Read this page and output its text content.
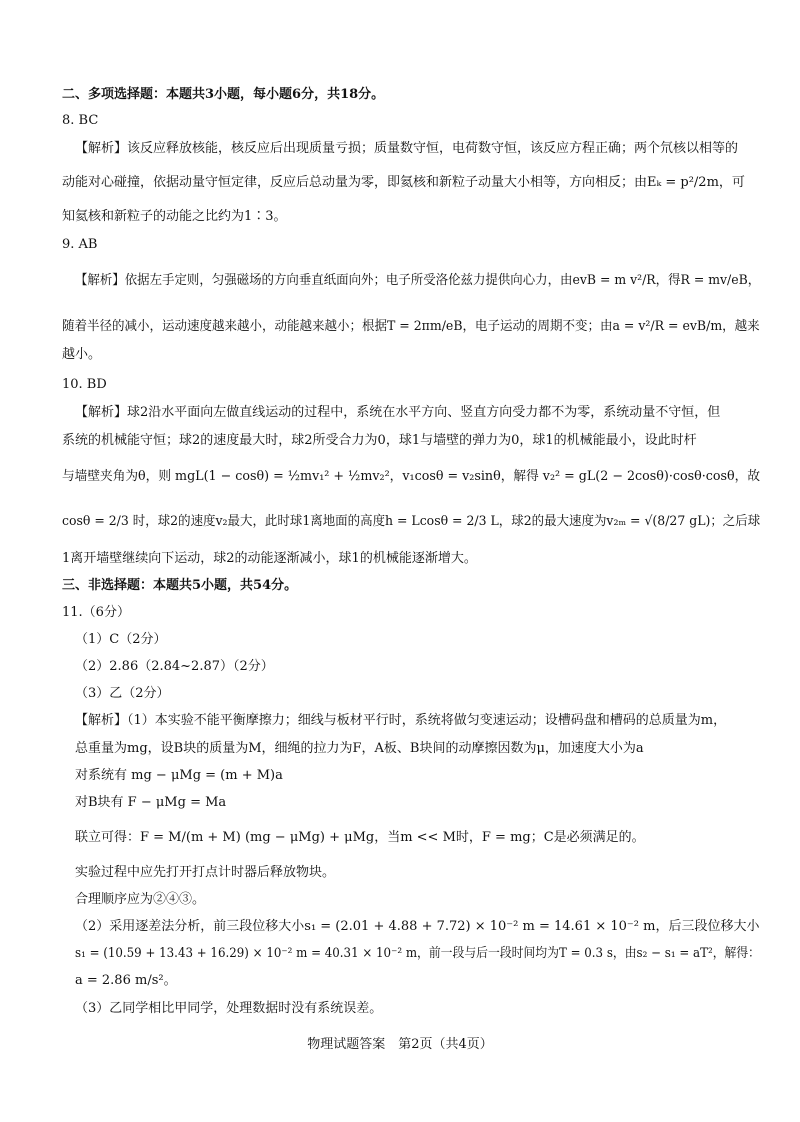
二、多项选择题：本题共3小题，每小题6分，共18分。
8. BC
【解析】该反应释放核能，核反应后出现质量亏损；质量数守恒，电荷数守恒，该反应方程正确；两个氘核以相等的
动能对心碰撞，依据动量守恒定律，反应后总动量为零，即氦核和新粒子动量大小相等，方向相反；由Eₖ = p²/2m，可
知氦核和新粒子的动能之比约为1∶3。
9. AB
【解析】依据左手定则，匀强磁场的方向垂直纸面向外；电子所受洛伦兹力提供向心力，由evB = m v²/R，得R = mv/eB，
随着半径的减小，运动速度越来越小，动能越来越小；根据T = 2πm/eB，电子运动的周期不变；由a = v²/R = evB/m，越来
越小。
10. BD
【解析】球2沿水平面向左做直线运动的过程中，系统在水平方向、竖直方向受力都不为零，系统动量不守恒，但
系统的机械能守恒；球2的速度最大时，球2所受合力为0，球1与墙壁的弹力为0，球1的机械能最小，设此时杆
与墙壁夹角为θ，则 mgL(1 − cosθ) = ½mv₁² + ½mv₂²，v₁cosθ = v₂sinθ，解得 v₂² = gL(2 − 2cosθ)·cosθ·cosθ，故
cosθ = 2/3 时，球2的速度v₂最大，此时球1离地面的高度h = Lcosθ = 2/3 L，球2的最大速度为v₂ₘ = √(8/27 gL)；之后球
1离开墙壁继续向下运动，球2的动能逐渐减小，球1的机械能逐渐增大。
三、非选择题：本题共5小题，共54分。
11.（6分）
（1）C（2分）
（2）2.86（2.84~2.87）（2分）
（3）乙（2分）
【解析】（1）本实验不能平衡摩擦力；细线与板材平行时，系统将做匀变速运动；设槽码盘和槽码的总质量为m，
总重量为mg，设B块的质量为M，细绳的拉力为F，A板、B块间的动摩擦因数为μ，加速度大小为a
对系统有 mg − μMg = (m + M)a
对B块有 F − μMg = Ma
联立可得：F = M/(m + M) (mg − μMg) + μMg，当m << M时，F = mg；C是必须满足的。
实验过程中应先打开打点计时器后释放物块。
合理顺序应为②④③。
（2）采用逐差法分析，前三段位移大小s₁ = (2.01 + 4.88 + 7.72) × 10⁻² m = 14.61 × 10⁻² m，后三段位移大小
s₁ = (10.59 + 13.43 + 16.29) × 10⁻² m = 40.31 × 10⁻² m，前一段与后一段时间均为T = 0.3 s，由s₂ − s₁ = aT²，解得：
a = 2.86 m/s²。
（3）乙同学相比甲同学，处理数据时没有系统误差。
物理试题答案　第2页（共4页）
